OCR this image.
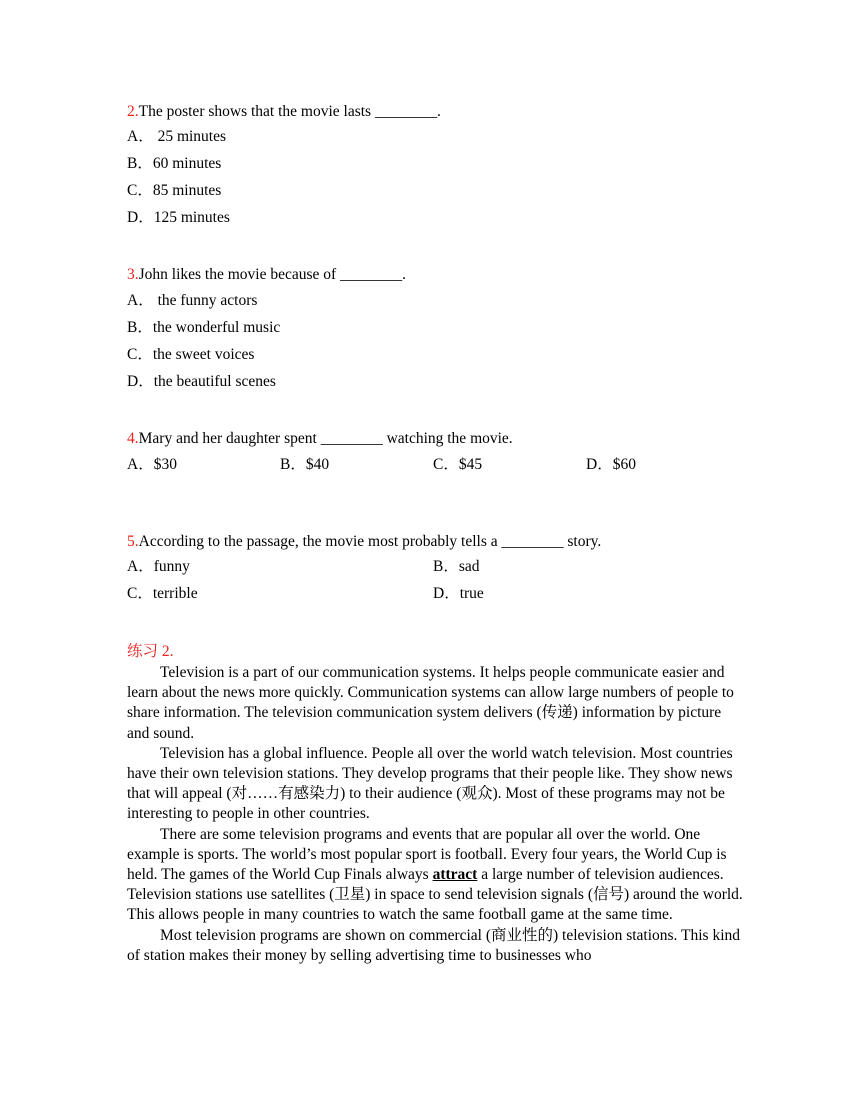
2.The poster shows that the movie lasts ________.
A． 25 minutes
B．60 minutes
C．85 minutes
D．125 minutes
3.John likes the movie because of ________.
A． the funny actors
B．the wonderful music
C．the sweet voices
D．the beautiful scenes
4.Mary and her daughter spent ________ watching the movie.
A．$30	B．$40	C．$45	D．$60
5.According to the passage, the movie most probably tells a ________ story.
A．funny	B．sad
C．terrible	D．true
练习 2.

Television is a part of our communication systems. It helps people communicate easier and learn about the news more quickly. Communication systems can allow large numbers of people to share information. The television communication system delivers (传递) information by picture and sound.

Television has a global influence. People all over the world watch television. Most countries have their own television stations. They develop programs that their people like. They show news that will appeal (对……有感染力) to their audience (观众). Most of these programs may not be interesting to people in other countries.

There are some television programs and events that are popular all over the world. One example is sports. The world’s most popular sport is football. Every four years, the World Cup is held. The games of the World Cup Finals always attract a large number of television audiences. Television stations use satellites (卫星) in space to send television signals (信号) around the world. This allows people in many countries to watch the same football game at the same time.

Most television programs are shown on commercial (商业性的) television stations. This kind of station makes their money by selling advertising time to businesses who
